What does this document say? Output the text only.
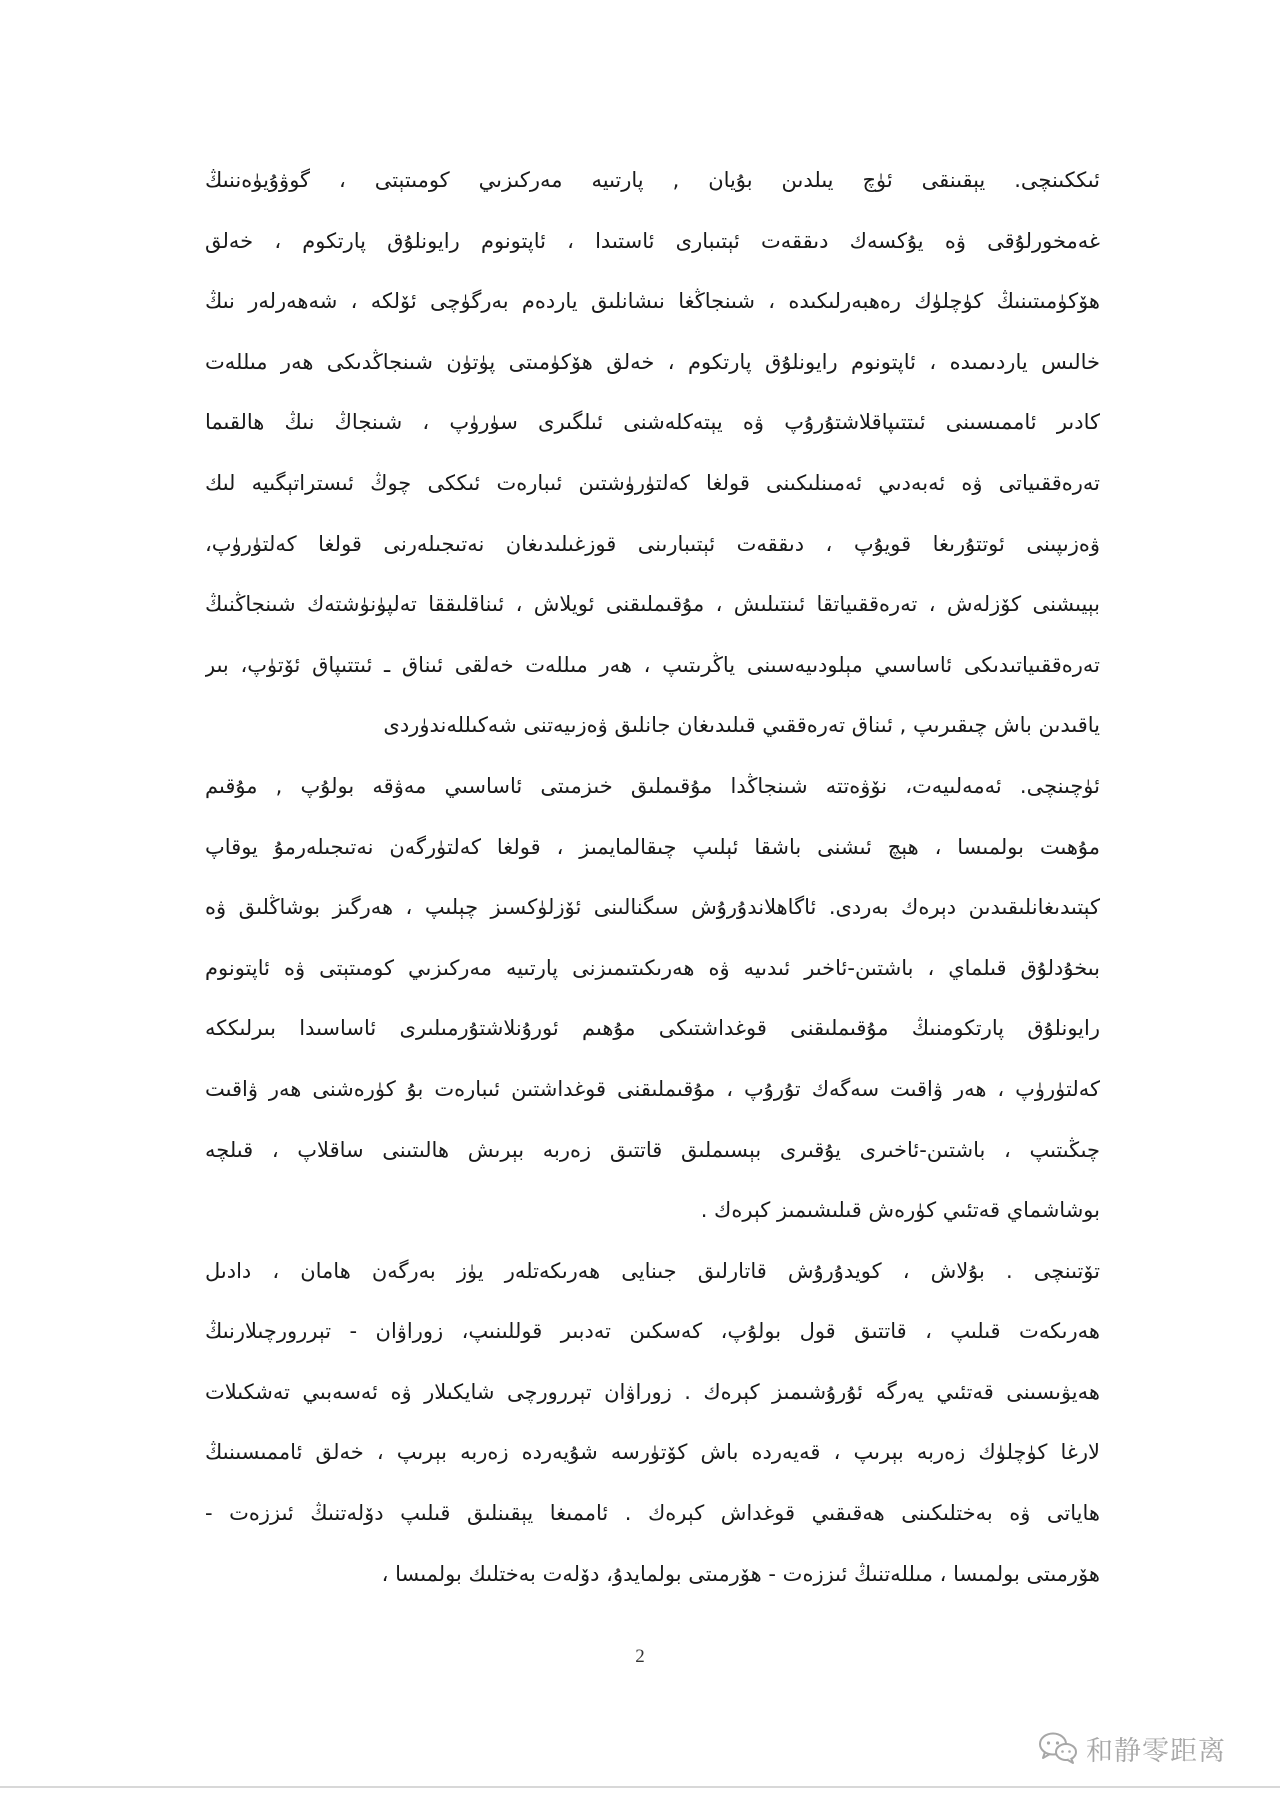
ئىككىنچى. يېقىنقى ئۈچ يىلدىن بۇيان , پارتىيە مەركىزىي كومىتېتى ، گوۋۇيۈەننىڭ
غەمخورلۇقى ۋە يۇكسەك دىققەت ئېتىبارى ئاستىدا ، ئاپتونوم رايونلۇق پارتكوم ، خەلق
ھۆكۈمىتىنىڭ كۈچلۈك رەھبەرلىكىدە ، شىنجاڭغا نىشانلىق ياردەم بەرگۈچى ئۆلكە ، شەھەرلەر نىڭ
خالىس ياردىمىدە ، ئاپتونوم رايونلۇق پارتكوم ، خەلق ھۆكۈمىتى پۈتۈن شىنجاڭدىكى ھەر مىللەت
كادىر ئاممىسىنى ئىتتىپاقلاشتۇرۇپ ۋە يېتەكلەشنى ئىلگىرى سۈرۈپ ، شىنجاڭ نىڭ ھالقىما
تەرەققىياتى ۋە ئەبەدىي ئەمىنلىكىنى قولغا كەلتۈرۈشتىن ئىبارەت ئىككى چوڭ ئىستراتېگىيە لىك
ۋەزىپىنى ئوتتۇرىغا قويۇپ ، دىققەت ئېتىبارىنى قوزغىلىدىغان نەتىجىلەرنى قولغا كەلتۈرۈپ،
بېيىشنى كۆزلەش ، تەرەققىياتقا ئىنتىلىش ، مۇقىملىقنى ئويلاش ، ئىناقلىققا تەلپۈنۈشتەك شىنجاڭنىڭ
تەرەققىياتىدىكى ئاساسىي مېلودىيەسىنى ياڭرىتىپ ، ھەر مىللەت خەلقى ئىناق ـ ئىتتىپاق ئۆتۈپ، بىر
ياقىدىن باش چىقىرىپ , ئىناق تەرەققىي قىلىدىغان جانلىق ۋەزىيەتنى شەكىللەندۈردى
ئۈچىنچى. ئەمەلىيەت، نۆۋەتتە شىنجاڭدا مۇقىملىق خىزمىتى ئاساسىي مەۋقە بولۇپ , مۇقىم
مۇھىت بولمىسا ، ھېچ ئىشنى باشقا ئېلىپ چىقالمايمىز ، قولغا كەلتۈرگەن نەتىجىلەرمۇ يوقاپ
كېتىدىغانلىقىدىن دېرەك بەردى. ئاگاھلاندۇرۇش سىگنالىنى ئۆزلۈكسىز چېلىپ ، ھەرگىز بوشاڭلىق ۋە
بىخۇدلۇق قىلماي ، باشتىن-ئاخىر ئىدىيە ۋە ھەرىكىتىمىزنى پارتىيە مەركىزىي كومىتېتى ۋە ئاپتونوم
رايونلۇق پارتكومنىڭ مۇقىملىقنى قوغداشتىكى مۇھىم ئورۇنلاشتۇرمىلىرى ئاساسىدا بىرلىككە
كەلتۈرۈپ ، ھەر ۋاقىت سەگەك تۇرۇپ ، مۇقىملىقنى قوغداشتىن ئىبارەت بۇ كۈرەشنى ھەر ۋاقىت
چىڭىتىپ ، باشتىن-ئاخىرى يۇقىرى بېسىملىق قاتتىق زەربە بېرىش ھالىتىنى ساقلاپ ، قىلچە
بوشاشماي قەتئىي كۈرەش قىلىشىمىز كېرەك .
تۆتىنچى . بۇلاش ، كويدۇرۇش قاتارلىق جىنايى ھەرىكەتلەر يۈز بەرگەن ھامان ، دادىل
ھەرىكەت قىلىپ ، قاتتىق قول بولۇپ، كەسكىن تەدبىر قوللىنىپ، زوراۋان - تېررورچىلارنىڭ
ھەيۋىسىنى قەتئىي يەرگە ئۇرۇشىمىز كېرەك . زوراۋان تېررورچى شايكىلار ۋە ئەسەبىي تەشكىلات
لارغا كۈچلۈك زەربە بېرىپ ، قەيەردە باش كۆتۈرسە شۇيەردە زەربە بېرىپ ، خەلق ئاممىسىنىڭ
ھاياتى ۋە بەختلىكىنى ھەقىقىي قوغداش كېرەك . ئاممىغا يېقىنلىق قىلىپ دۆلەتنىڭ ئىززەت -
ھۆرمىتى بولمىسا ، مىللەتنىڭ ئىززەت - ھۆرمىتى بولمايدۇ، دۆلەت بەختلىك بولمىسا ،
2
和静零距离
